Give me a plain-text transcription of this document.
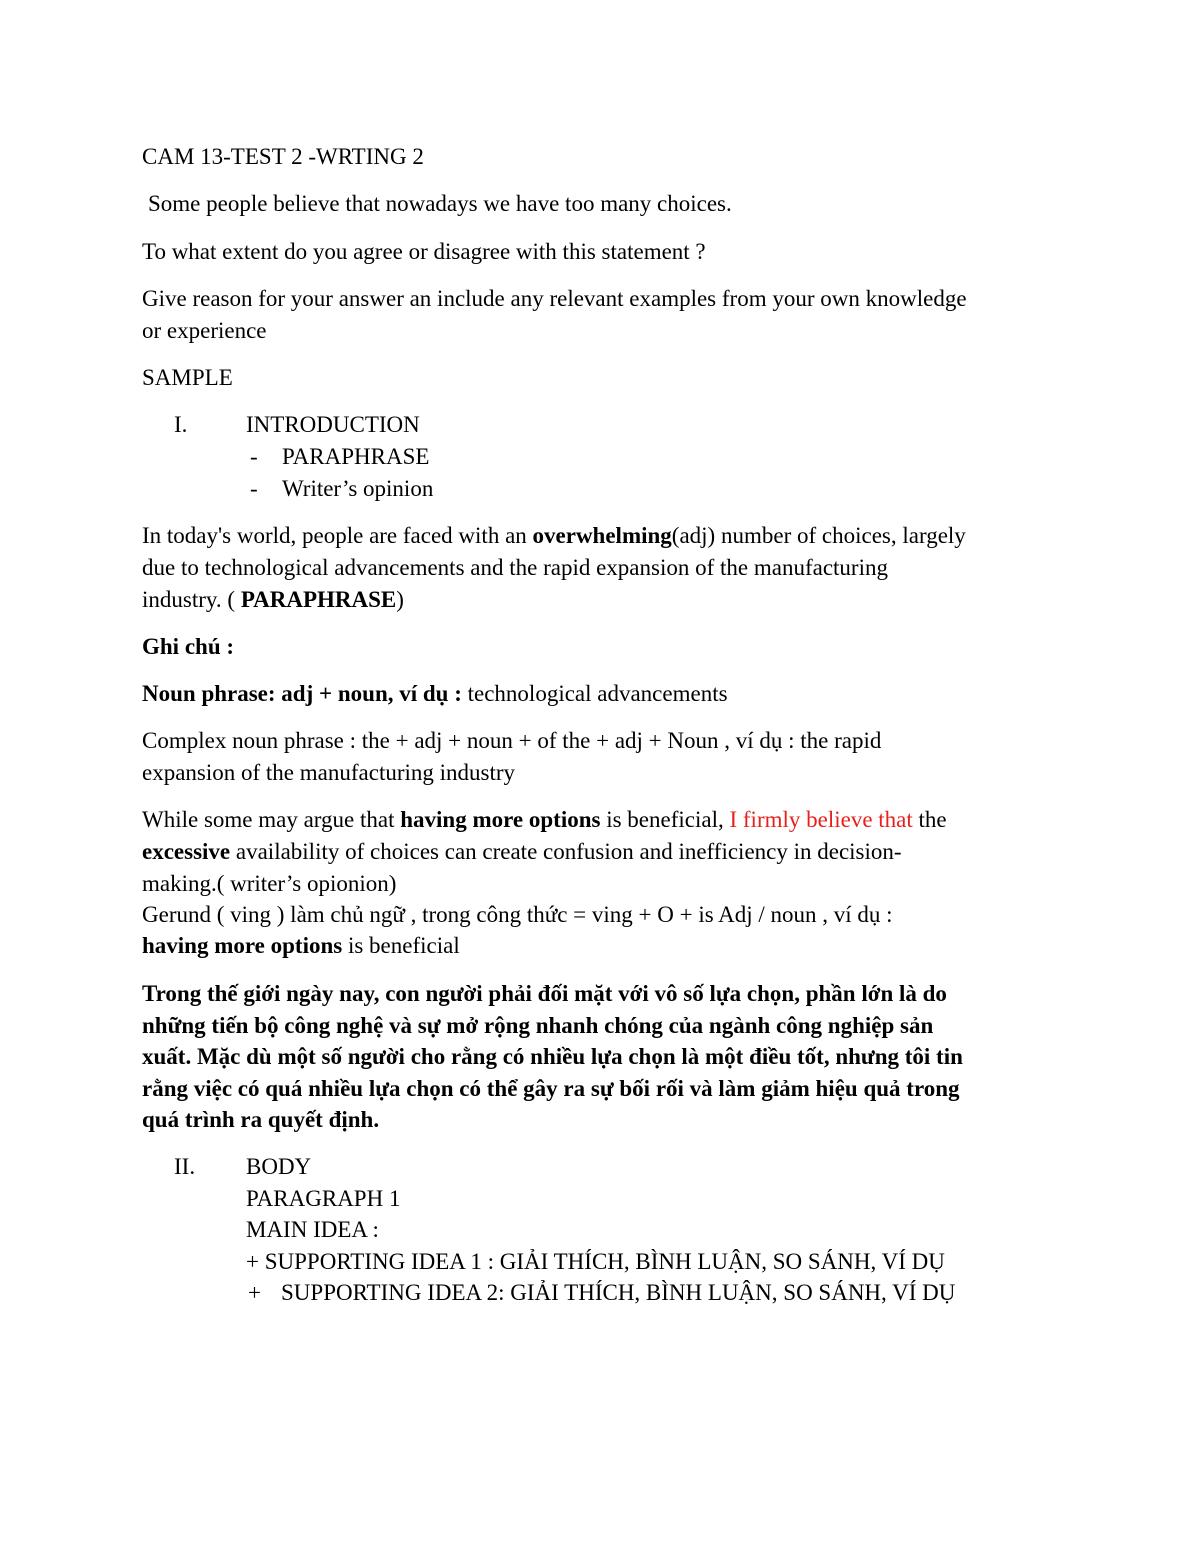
CAM 13-TEST 2 -WRTING 2
Some people believe that nowadays we have too many choices.
To what extent do you agree or disagree with this statement ?
Give reason for your answer an include any relevant examples from your own knowledge
or experience
SAMPLE
I.	INTRODUCTION
- PARAPHRASE
- Writer’s opinion
In today's world, people are faced with an overwhelming(adj) number of choices, largely
due to technological advancements and the rapid expansion of the manufacturing
industry. ( PARAPHRASE)
Ghi chú :
Noun phrase: adj + noun, ví dụ : technological advancements
Complex noun phrase : the + adj + noun + of the + adj + Noun , ví dụ : the rapid
expansion of the manufacturing industry
While some may argue that having more options is beneficial, I firmly believe that the
excessive availability of choices can create confusion and inefficiency in decision-
making.( writer’s opionion)
Gerund ( ving ) làm chủ ngữ , trong công thức = ving + O + is Adj / noun , ví dụ :
having more options is beneficial
Trong thế giới ngày nay, con người phải đối mặt với vô số lựa chọn, phần lớn là do
những tiến bộ công nghệ và sự mở rộng nhanh chóng của ngành công nghiệp sản
xuất. Mặc dù một số người cho rằng có nhiều lựa chọn là một điều tốt, nhưng tôi tin
rằng việc có quá nhiều lựa chọn có thể gây ra sự bối rối và làm giảm hiệu quả trong
quá trình ra quyết định.
II. BODY
PARAGRAPH 1
MAIN IDEA :
+ SUPPORTING IDEA 1 : GIẢI THÍCH, BÌNH LUẬN, SO SÁNH, VÍ DỤ
+ SUPPORTING IDEA 2: GIẢI THÍCH, BÌNH LUẬN, SO SÁNH, VÍ DỤ
